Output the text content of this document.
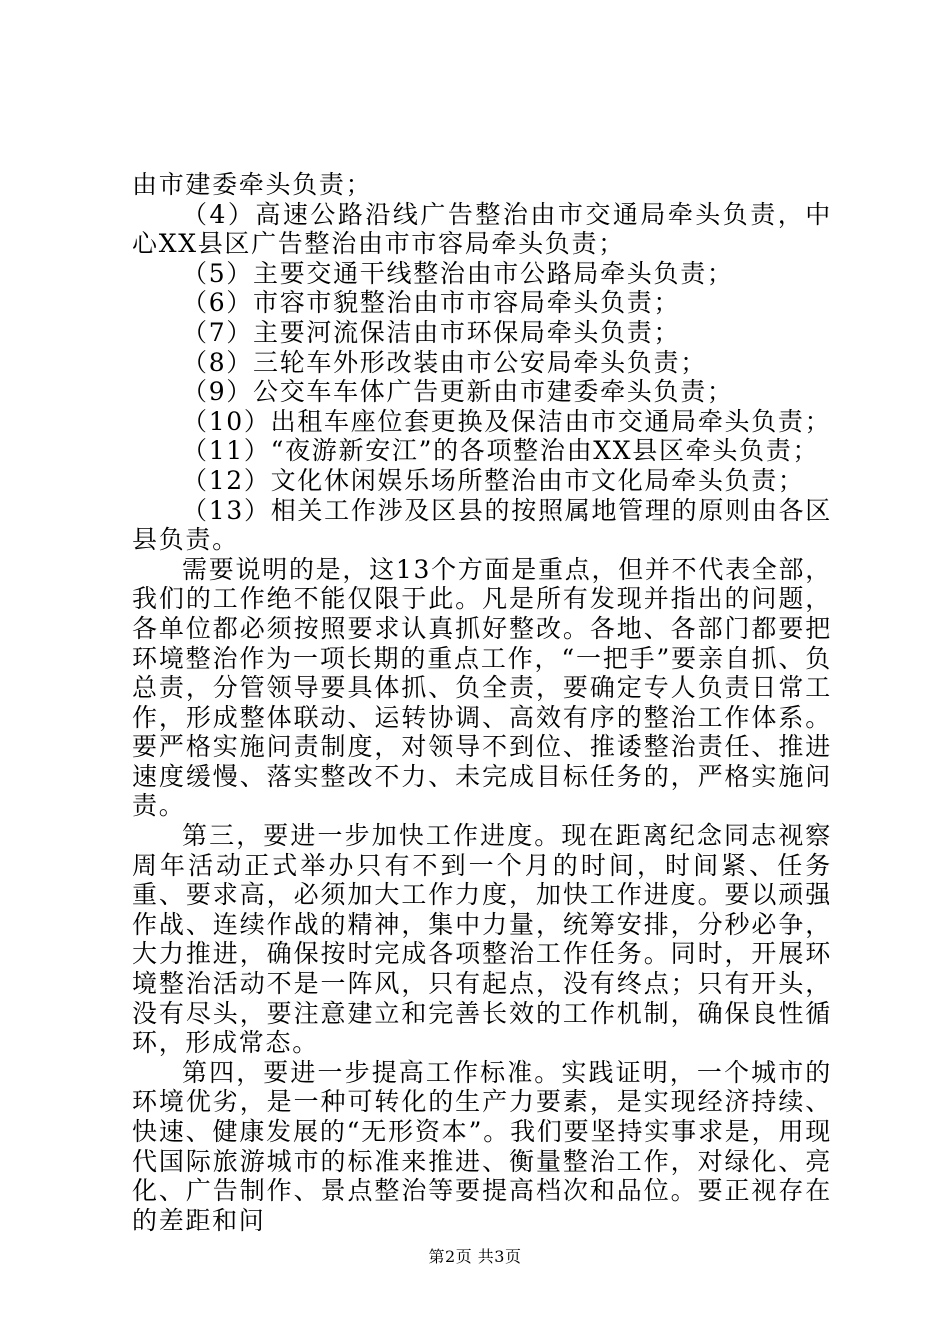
由市建委牵头负责；

（4）高速公路沿线广告整治由市交通局牵头负责，中心XX县区广告整治由市市容局牵头负责；

（5）主要交通干线整治由市公路局牵头负责；

（6）市容市貌整治由市市容局牵头负责；

（7）主要河流保洁由市环保局牵头负责；

（8）三轮车外形改装由市公安局牵头负责；

（9）公交车车体广告更新由市建委牵头负责；

（10）出租车座位套更换及保洁由市交通局牵头负责；

（11）“夜游新安江”的各项整治由XX县区牵头负责；

（12）文化休闲娱乐场所整治由市文化局牵头负责；

（13）相关工作涉及区县的按照属地管理的原则由各区县负责。

需要说明的是，这13个方面是重点，但并不代表全部，我们的工作绝不能仅限于此。凡是所有发现并指出的问题，各单位都必须按照要求认真抓好整改。各地、各部门都要把环境整治作为一项长期的重点工作，“一把手”要亲自抓、负总责，分管领导要具体抓、负全责，要确定专人负责日常工作，形成整体联动、运转协调、高效有序的整治工作体系。要严格实施问责制度，对领导不到位、推诿整治责任、推进速度缓慢、落实整改不力、未完成目标任务的，严格实施问责。

第三，要进一步加快工作进度。现在距离纪念同志视察周年活动正式举办只有不到一个月的时间，时间紧、任务重、要求高，必须加大工作力度，加快工作进度。要以顽强作战、连续作战的精神，集中力量，统筹安排，分秒必争，大力推进，确保按时完成各项整治工作任务。同时，开展环境整治活动不是一阵风，只有起点，没有终点；只有开头，没有尽头，要注意建立和完善长效的工作机制，确保良性循环，形成常态。

第四，要进一步提高工作标准。实践证明，一个城市的环境优劣，是一种可转化的生产力要素，是实现经济持续、快速、健康发展的“无形资本”。我们要坚持实事求是，用现代国际旅游城市的标准来推进、衡量整治工作，对绿化、亮化、广告制作、景点整治等要提高档次和品位。要正视存在的差距和问

第2页 共3页
